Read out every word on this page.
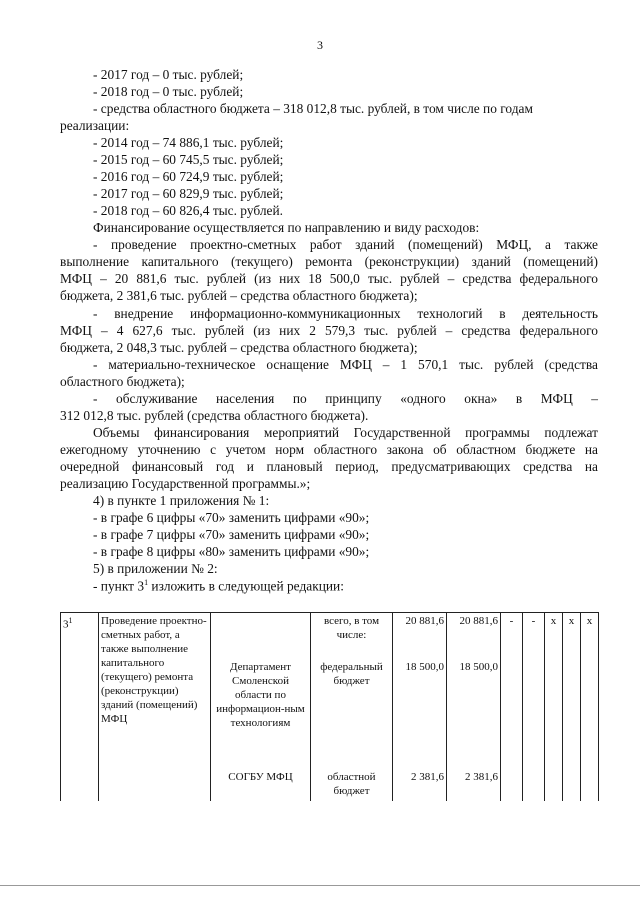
3
- 2017 год – 0 тыс. рублей;
- 2018 год – 0 тыс. рублей;
- средства областного бюджета – 318 012,8 тыс. рублей, в том числе по годам
реализации:
- 2014 год – 74 886,1 тыс. рублей;
- 2015 год – 60 745,5 тыс. рублей;
- 2016 год – 60 724,9 тыс. рублей;
- 2017 год – 60 829,9 тыс. рублей;
- 2018 год – 60 826,4 тыс. рублей.
Финансирование осуществляется по направлению и виду расходов:
- проведение проектно-сметных работ зданий (помещений) МФЦ, а также
выполнение капитального (текущего) ремонта (реконструкции) зданий (помещений)
МФЦ – 20 881,6 тыс. рублей (из них 18 500,0 тыс. рублей – средства федерального
бюджета, 2 381,6 тыс. рублей – средства областного бюджета);
- внедрение информационно-коммуникационных технологий в деятельность
МФЦ – 4 627,6 тыс. рублей (из них 2 579,3 тыс. рублей – средства федерального
бюджета, 2 048,3 тыс. рублей – средства областного бюджета);
- материально-техническое оснащение МФЦ – 1 570,1 тыс. рублей (средства
областного бюджета);
- обслуживание населения по принципу «одного окна» в МФЦ –
312 012,8 тыс. рублей (средства областного бюджета).
Объемы финансирования мероприятий Государственной программы подлежат
ежегодному уточнению с учетом норм областного закона об областном бюджете на
очередной финансовый год и плановый период, предусматривающих средства на
реализацию Государственной программы.»;
4) в пункте 1 приложения № 1:
- в графе 6 цифры «70» заменить цифрами «90»;
- в графе 7 цифры «70» заменить цифрами «90»;
- в графе 8 цифры «80» заменить цифрами «90»;
5) в приложении № 2:
- пункт $3^1$ изложить в следующей редакции:
$3^1$	Проведение проектно-сметных работ, а также выполнение капитального (текущего) ремонта (реконструкции) зданий (помещений) МФЦ		всего, в том числе:	20 881,6	20 881,6	-	-	x	x	x
		Департамент Смоленской области по информацион-ным технологиям	федеральный бюджет	18 500,0	18 500,0					
		СОГБУ МФЦ	областной бюджет	2 381,6	2 381,6					
